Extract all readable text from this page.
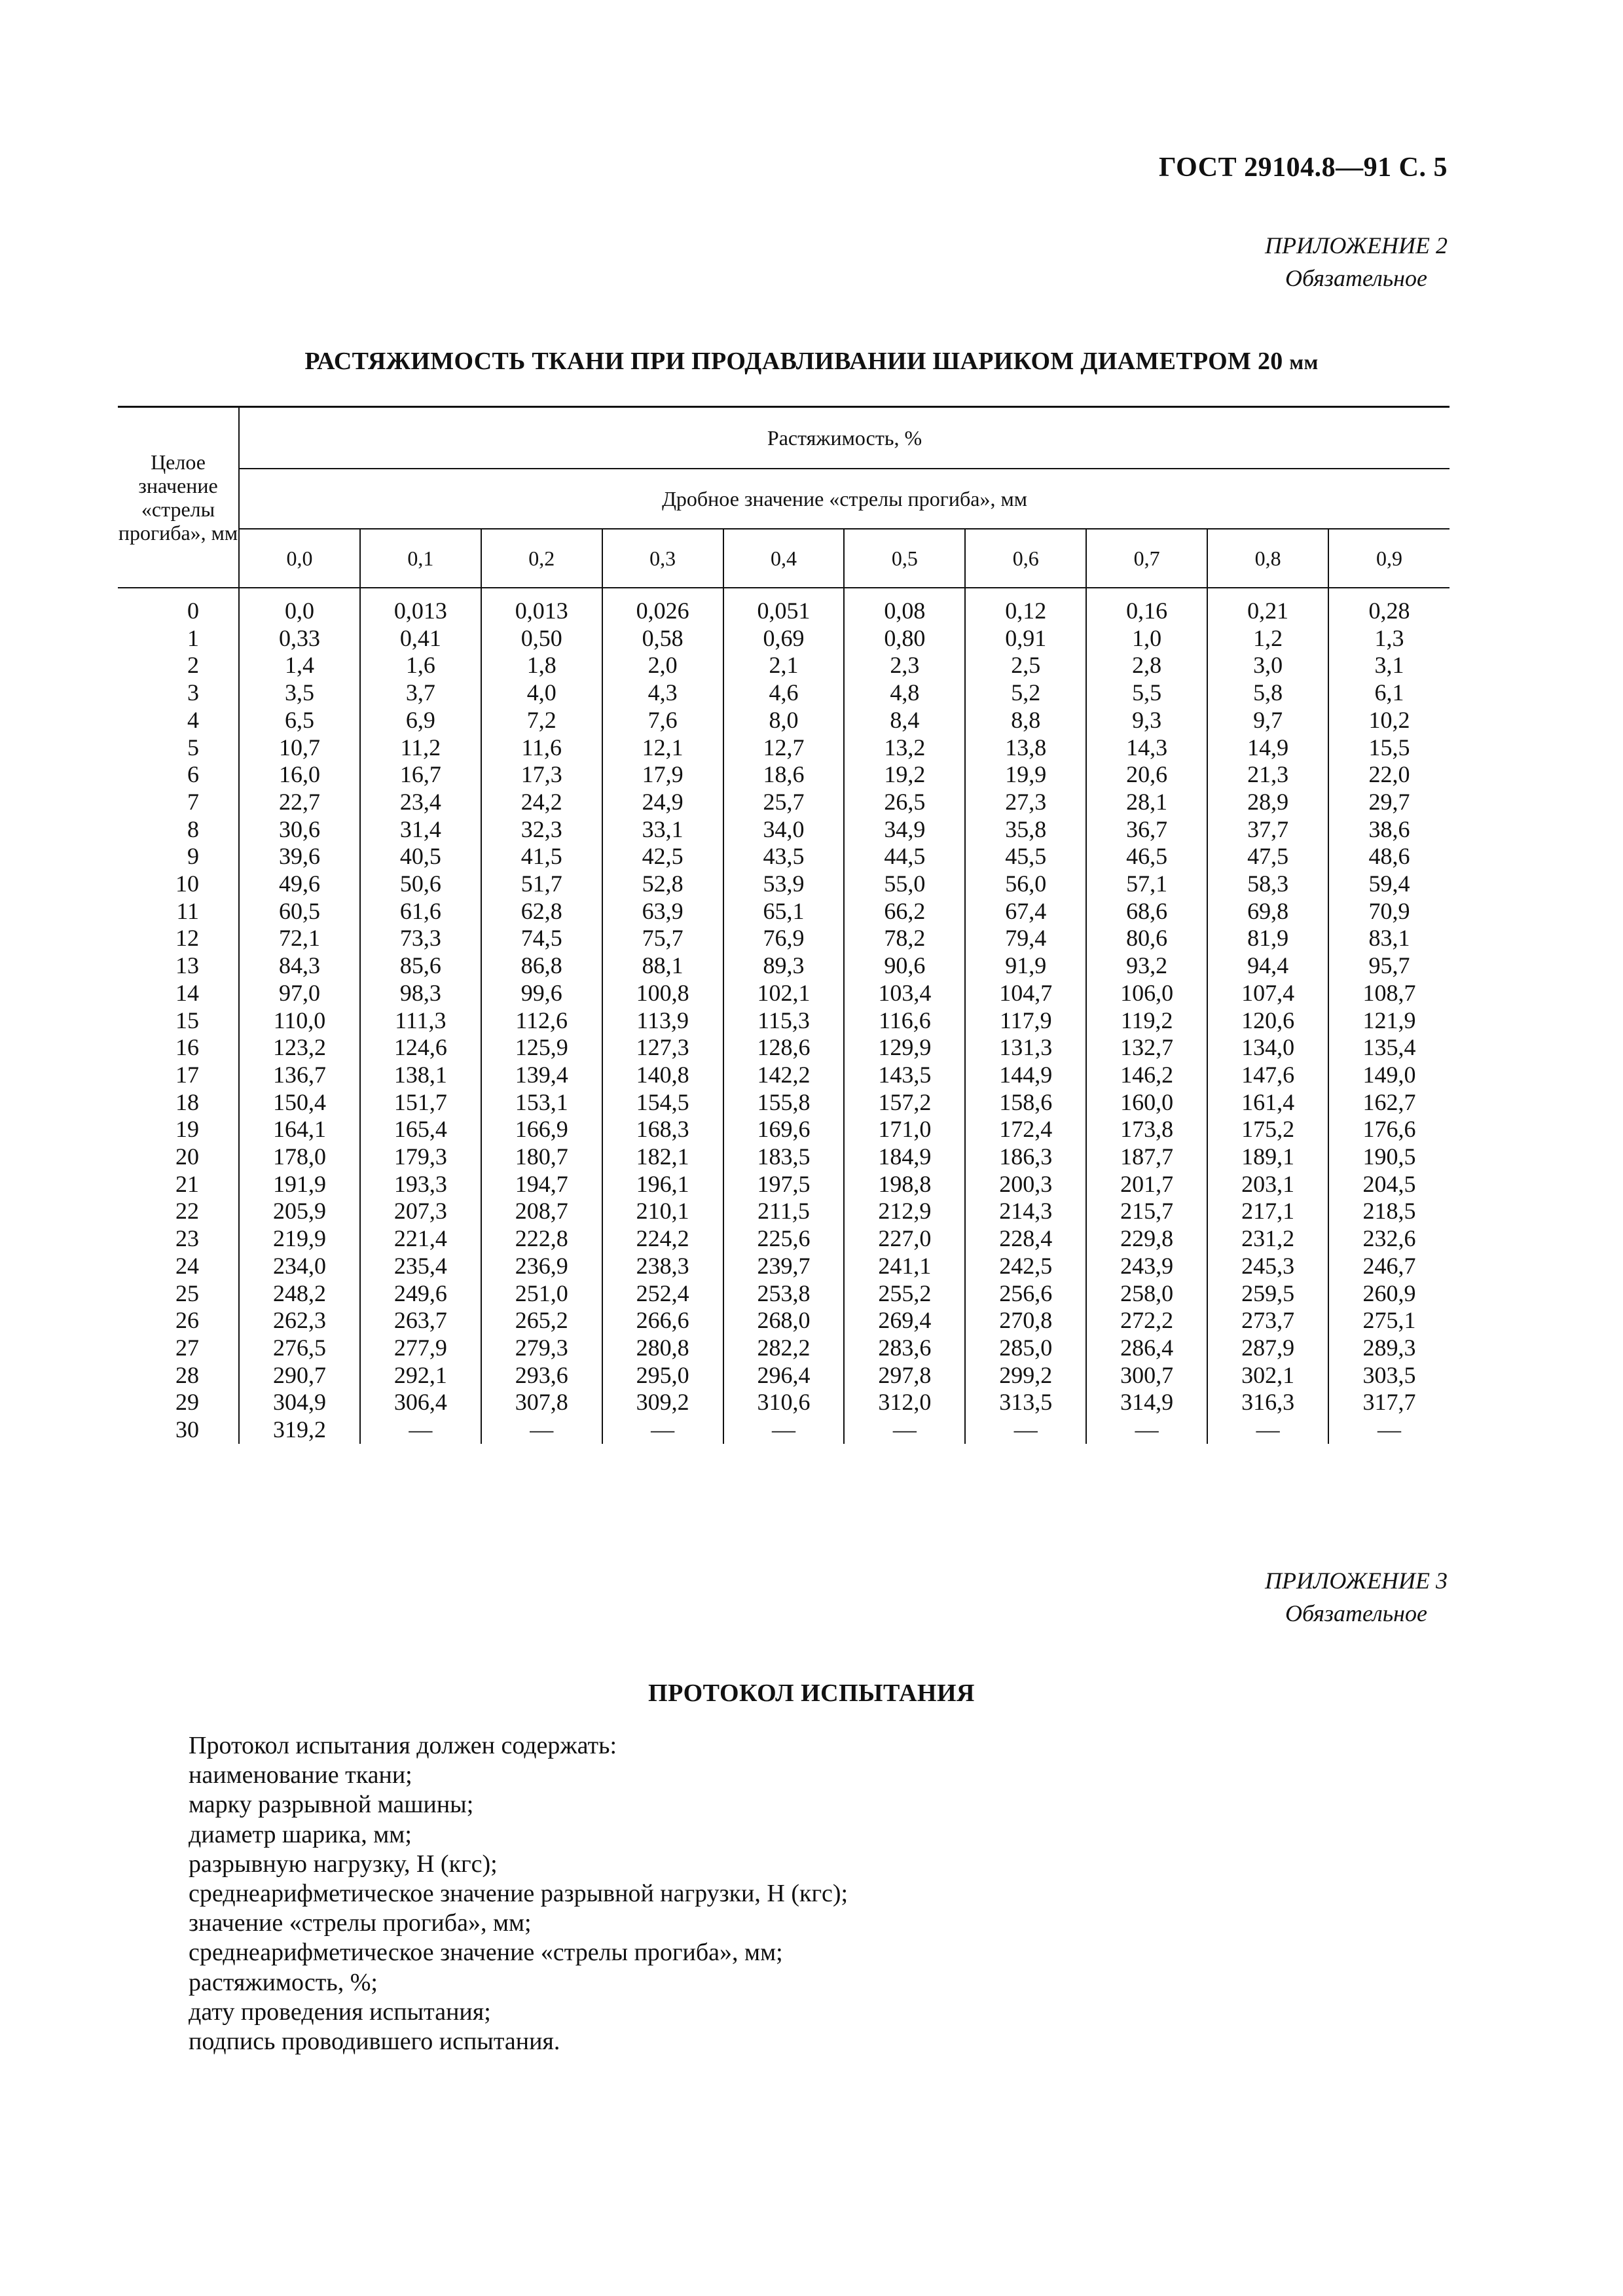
ГОСТ 29104.8—91 С. 5
ПРИЛОЖЕНИЕ 2
Обязательное
РАСТЯЖИМОСТЬ ТКАНИ ПРИ ПРОДАВЛИВАНИИ ШАРИКОМ ДИАМЕТРОМ 20 мм
Целое значение «стрелы прогиба», мм	Растяжимость, %									
	Дробное значение «стрелы прогиба», мм									
	0,0	0,1	0,2	0,3	0,4	0,5	0,6	0,7	0,8	0,9

0	0,0	0,013	0,013	0,026	0,051	0,08	0,12	0,16	0,21	0,28
1	0,33	0,41	0,50	0,58	0,69	0,80	0,91	1,0	1,2	1,3
2	1,4	1,6	1,8	2,0	2,1	2,3	2,5	2,8	3,0	3,1
3	3,5	3,7	4,0	4,3	4,6	4,8	5,2	5,5	5,8	6,1
4	6,5	6,9	7,2	7,6	8,0	8,4	8,8	9,3	9,7	10,2
5	10,7	11,2	11,6	12,1	12,7	13,2	13,8	14,3	14,9	15,5
6	16,0	16,7	17,3	17,9	18,6	19,2	19,9	20,6	21,3	22,0
7	22,7	23,4	24,2	24,9	25,7	26,5	27,3	28,1	28,9	29,7
8	30,6	31,4	32,3	33,1	34,0	34,9	35,8	36,7	37,7	38,6
9	39,6	40,5	41,5	42,5	43,5	44,5	45,5	46,5	47,5	48,6
10	49,6	50,6	51,7	52,8	53,9	55,0	56,0	57,1	58,3	59,4
11	60,5	61,6	62,8	63,9	65,1	66,2	67,4	68,6	69,8	70,9
12	72,1	73,3	74,5	75,7	76,9	78,2	79,4	80,6	81,9	83,1
13	84,3	85,6	86,8	88,1	89,3	90,6	91,9	93,2	94,4	95,7
14	97,0	98,3	99,6	100,8	102,1	103,4	104,7	106,0	107,4	108,7
15	110,0	111,3	112,6	113,9	115,3	116,6	117,9	119,2	120,6	121,9
16	123,2	124,6	125,9	127,3	128,6	129,9	131,3	132,7	134,0	135,4
17	136,7	138,1	139,4	140,8	142,2	143,5	144,9	146,2	147,6	149,0
18	150,4	151,7	153,1	154,5	155,8	157,2	158,6	160,0	161,4	162,7
19	164,1	165,4	166,9	168,3	169,6	171,0	172,4	173,8	175,2	176,6
20	178,0	179,3	180,7	182,1	183,5	184,9	186,3	187,7	189,1	190,5
21	191,9	193,3	194,7	196,1	197,5	198,8	200,3	201,7	203,1	204,5
22	205,9	207,3	208,7	210,1	211,5	212,9	214,3	215,7	217,1	218,5
23	219,9	221,4	222,8	224,2	225,6	227,0	228,4	229,8	231,2	232,6
24	234,0	235,4	236,9	238,3	239,7	241,1	242,5	243,9	245,3	246,7
25	248,2	249,6	251,0	252,4	253,8	255,2	256,6	258,0	259,5	260,9
26	262,3	263,7	265,2	266,6	268,0	269,4	270,8	272,2	273,7	275,1
27	276,5	277,9	279,3	280,8	282,2	283,6	285,0	286,4	287,9	289,3
28	290,7	292,1	293,6	295,0	296,4	297,8	299,2	300,7	302,1	303,5
29	304,9	306,4	307,8	309,2	310,6	312,0	313,5	314,9	316,3	317,7
30	319,2	—	—	—	—	—	—	—	—	—
ПРИЛОЖЕНИЕ 3
Обязательное
ПРОТОКОЛ ИСПЫТАНИЯ
Протокол испытания должен содержать:
наименование ткани;
марку разрывной машины;
диаметр шарика, мм;
разрывную нагрузку, Н (кгс);
среднеарифметическое значение разрывной нагрузки, Н (кгс);
значение «стрелы прогиба», мм;
среднеарифметическое значение «стрелы прогиба», мм;
растяжимость, %;
дату проведения испытания;
подпись проводившего испытания.
